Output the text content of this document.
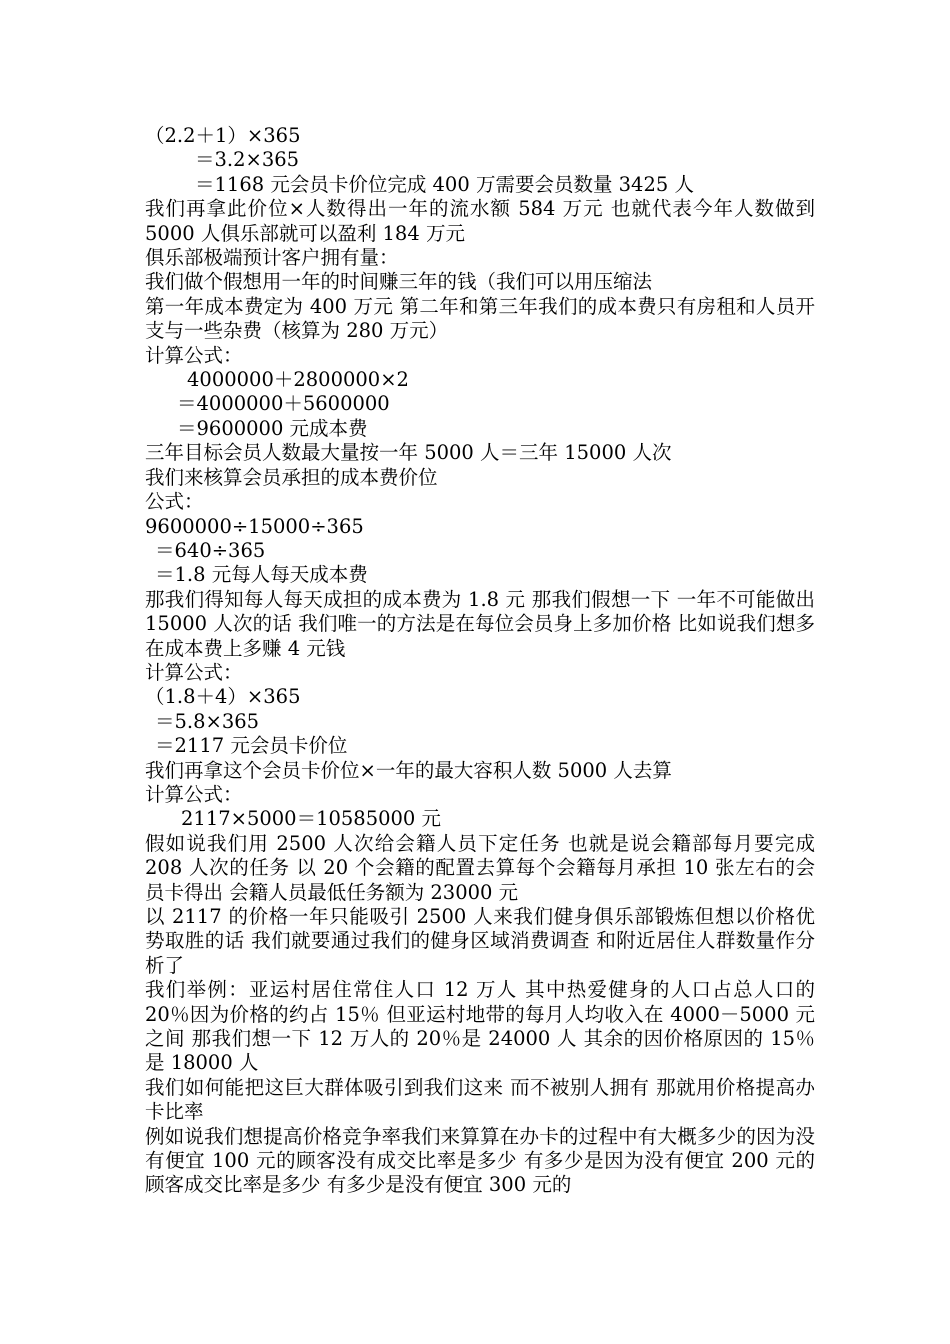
（2.2＋1）×365
＝3.2×365
＝1168 元会员卡价位完成 400 万需要会员数量 3425 人
我们再拿此价位×人数得出一年的流水额 584 万元 也就代表今年人数做到 5000 人俱乐部就可以盈利 184 万元
俱乐部极端预计客户拥有量：
我们做个假想用一年的时间赚三年的钱（我们可以用压缩法
第一年成本费定为 400 万元 第二年和第三年我们的成本费只有房租和人员开支与一些杂费（核算为 280 万元）
计算公式：
4000000＋2800000×2
＝4000000＋5600000
＝9600000 元成本费
三年目标会员人数最大量按一年 5000 人＝三年 15000 人次
我们来核算会员承担的成本费价位
公式：
9600000÷15000÷365
＝640÷365
＝1.8 元每人每天成本费
那我们得知每人每天成担的成本费为 1.8 元 那我们假想一下 一年不可能做出 15000 人次的话 我们唯一的方法是在每位会员身上多加价格 比如说我们想多在成本费上多赚 4 元钱
计算公式：
（1.8＋4）×365
＝5.8×365
＝2117 元会员卡价位
我们再拿这个会员卡价位×一年的最大容积人数 5000 人去算
计算公式：
2117×5000＝10585000 元
假如说我们用 2500 人次给会籍人员下定任务 也就是说会籍部每月要完成 208 人次的任务 以 20 个会籍的配置去算每个会籍每月承担 10 张左右的会员卡得出 会籍人员最低任务额为 23000 元
以 2117 的价格一年只能吸引 2500 人来我们健身俱乐部锻炼但想以价格优势取胜的话 我们就要通过我们的健身区域消费调查 和附近居住人群数量作分析了
我们举例：亚运村居住常住人口 12 万人 其中热爱健身的人口占总人口的 20％因为价格的约占 15％ 但亚运村地带的每月人均收入在 4000－5000 元之间 那我们想一下 12 万人的 20％是 24000 人 其余的因价格原因的 15％是 18000 人
我们如何能把这巨大群体吸引到我们这来 而不被别人拥有 那就用价格提高办卡比率
例如说我们想提高价格竞争率我们来算算在办卡的过程中有大概多少的因为没有便宜 100 元的顾客没有成交比率是多少 有多少是因为没有便宜 200 元的顾客成交比率是多少 有多少是没有便宜 300 元的
